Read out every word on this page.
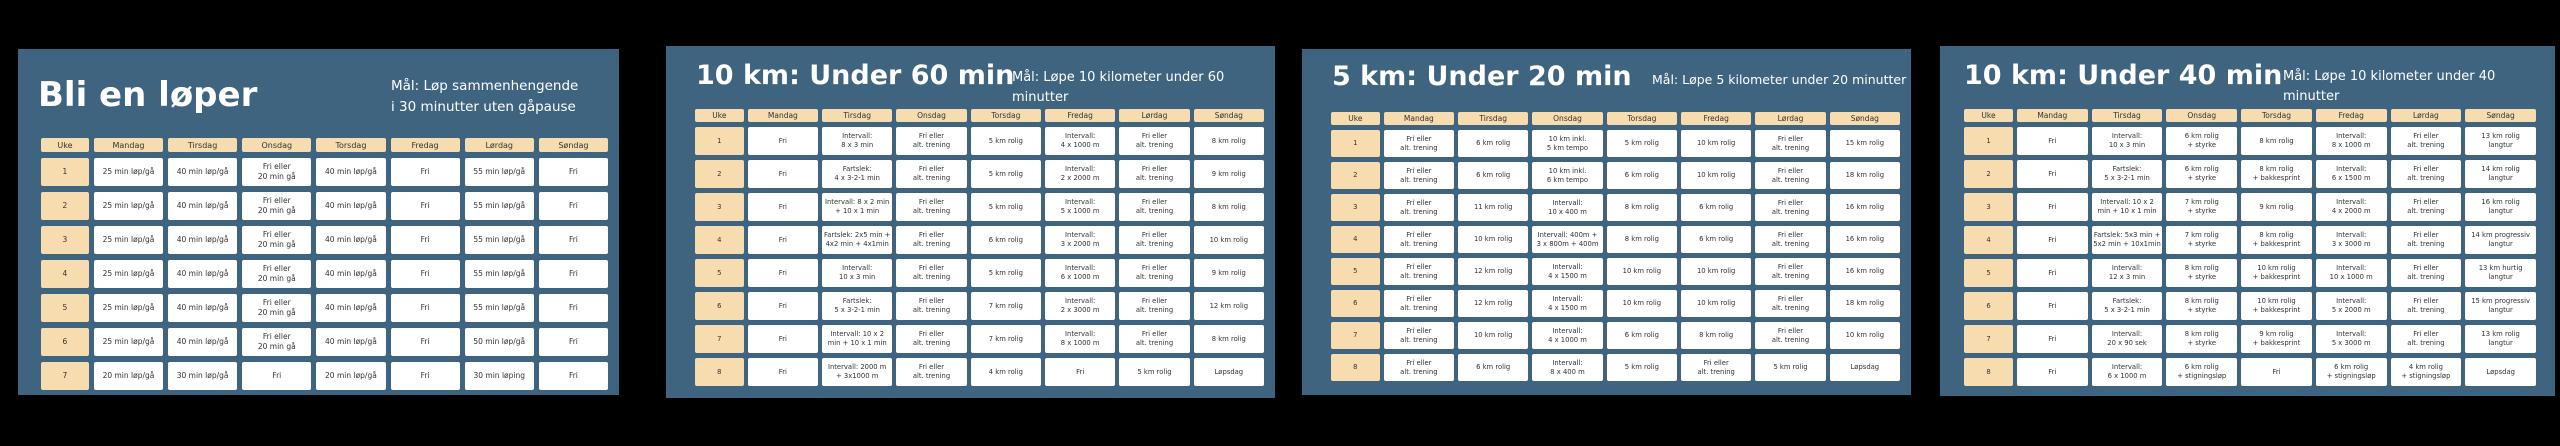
Bli en løper	Mål: Løp sammenhengende
i 30 minutter uten gåpause
Uke	Mandag	Tirsdag	Onsdag	Torsdag	Fredag	Lørdag	Søndag
1	25 min løp/gå	40 min løp/gå	Fri eller
20 min gå	40 min løp/gå	Fri	55 min løp/gå	Fri
2	25 min løp/gå	40 min løp/gå	Fri eller
20 min gå	40 min løp/gå	Fri	55 min løp/gå	Fri
3	25 min løp/gå	40 min løp/gå	Fri eller
20 min gå	40 min løp/gå	Fri	55 min løp/gå	Fri
4	25 min løp/gå	40 min løp/gå	Fri eller
20 min gå	40 min løp/gå	Fri	55 min løp/gå	Fri
5	25 min løp/gå	40 min løp/gå	Fri eller
20 min gå	40 min løp/gå	Fri	55 min løp/gå	Fri
6	25 min løp/gå	40 min løp/gå	Fri eller
20 min gå	40 min løp/gå	Fri	50 min løp/gå	Fri
7	20 min løp/gå	30 min løp/gå	Fri	20 min løp/gå	Fri	30 min løping	Fri
10 km: Under 60 min
Mål: Løpe 10 kilometer under 60 minutter
Uke	Mandag	Tirsdag	Onsdag	Torsdag	Fredag	Lørdag	Søndag
1	Fri	Intervall:
8 x 3 min	Fri eller
alt. trening	5 km rolig	Intervall:
4 x 1000 m	Fri eller
alt. trening	8 km rolig
2	Fri	Fartslek:
4 x 3-2-1 min	Fri eller
alt. trening	5 km rolig	Intervall:
2 x 2000 m	Fri eller
alt. trening	9 km rolig
3	Fri	Intervall: 8 x 2 min
+ 10 x 1 min	Fri eller
alt. trening	5 km rolig	Intervall:
5 x 1000 m	Fri eller
alt. trening	8 km rolig
4	Fri	Fartslek: 2x5 min +
4x2 min + 4x1min	Fri eller
alt. trening	6 km rolig	Intervall:
3 x 2000 m	Fri eller
alt. trening	10 km rolig
5	Fri	Intervall:
10 x 3 min	Fri eller
alt. trening	5 km rolig	Intervall:
6 x 1000 m	Fri eller
alt. trening	9 km rolig
6	Fri	Fartslek:
5 x 3-2-1 min	Fri eller
alt. trening	7 km rolig	Intervall:
2 x 3000 m	Fri eller
alt. trening	12 km rolig
7	Fri	Intervall: 10 x 2
min + 10 x 1 min	Fri eller
alt. trening	7 km rolig	Intervall:
8 x 1000 m	Fri eller
alt. trening	8 km rolig
8	Fri	Intervall: 2000 m
+ 3x1000 m	Fri eller
alt. trening	4 km rolig	Fri	5 km rolig	Løpsdag
5 km: Under 20 min Mål: Løpe 5 kilometer under 20 minutter
Uke	Mandag	Tirsdag	Onsdag	Torsdag	Fredag	Lørdag	Søndag
1	Fri eller
alt. trening	6 km rolig	10 km inkl.
5 km tempo	5 km rolig	10 km rolig	Fri eller
alt. trening	15 km rolig
2	Fri eller
alt. trening	6 km rolig	10 km inkl.
6 km tempo	6 km rolig	10 km rolig	Fri eller
alt. trening	18 km rolig
3	Fri eller
alt. trening	11 km rolig	Intervall:
10 x 400 m	8 km rolig	6 km rolig	Fri eller
alt. trening	16 km rolig
4	Fri eller
alt. trening	10 km rolig	Intervall: 400m +
3 x 800m + 400m	8 km rolig	6 km rolig	Fri eller
alt. trening	16 km rolig
5	Fri eller
alt. trening	12 km rolig	Intervall:
4 x 1500 m	10 km rolig	10 km rolig	Fri eller
alt. trening	16 km rolig
6	Fri eller
alt. trening	12 km rolig	Intervall:
4 x 1500 m	10 km rolig	10 km rolig	Fri eller
alt. trening	18 km rolig
7	Fri eller
alt. trening	10 km rolig	Intervall:
4 x 1000 m	6 km rolig	8 km rolig	Fri eller
alt. trening	10 km rolig
8	Fri eller
alt. trening	6 km rolig	Intervall:
8 x 400 m	5 km rolig	Fri eller
alt. trening	5 km rolig	Løpsdag
10 km: Under 40 min Mål: Løpe 10 kilometer under 40 minutter
Uke	Mandag	Tirsdag	Onsdag	Torsdag	Fredag	Lørdag	Søndag
1	Fri	Intervall:
10 x 3 min	6 km rolig
+ styrke	8 km rolig	Intervall:
8 x 1000 m	Fri eller
alt. trening	13 km rolig
langtur
2	Fri	Fartslek:
5 x 3-2-1 min	6 km rolig
+ styrke	8 km rolig
+ bakkesprint	Intervall:
6 x 1500 m	Fri eller
alt. trening	14 km rolig
langtur
3	Fri	Intervall: 10 x 2
min + 10 x 1 min	7 km rolig
+ styrke	9 km rolig	Intervall:
4 x 2000 m	Fri eller
alt. trening	16 km rolig
langtur
4	Fri	Fartslek: 5x3 min +
5x2 min + 10x1min	7 km rolig
+ styrke	8 km rolig
+ bakkesprint	Intervall:
3 x 3000 m	Fri eller
alt. trening	14 km progressiv
langtur
5	Fri	Intervall:
12 x 3 min	8 km rolig
+ styrke	10 km rolig
+ bakkesprint	Intervall:
10 x 1000 m	Fri eller
alt. trening	13 km hurtig
langtur
6	Fri	Fartslek:
5 x 3-2-1 min	8 km rolig
+ styrke	10 km rolig
+ bakkesprint	Intervall:
5 x 2000 m	Fri eller
alt. trening	15 km progressiv
langtur
7	Fri	Intervall:
20 x 90 sek	8 km rolig
+ styrke	9 km rolig
+ bakkesprint	Intervall:
5 x 3000 m	Fri eller
alt. trening	13 km rolig
langtur
8	Fri	Intervall:
6 x 1000 m	6 km rolig
+ stigningsløp	Fri	6 km rolig
+ stigningsløp	4 km rolig
+ stigningsløp	Løpsdag
